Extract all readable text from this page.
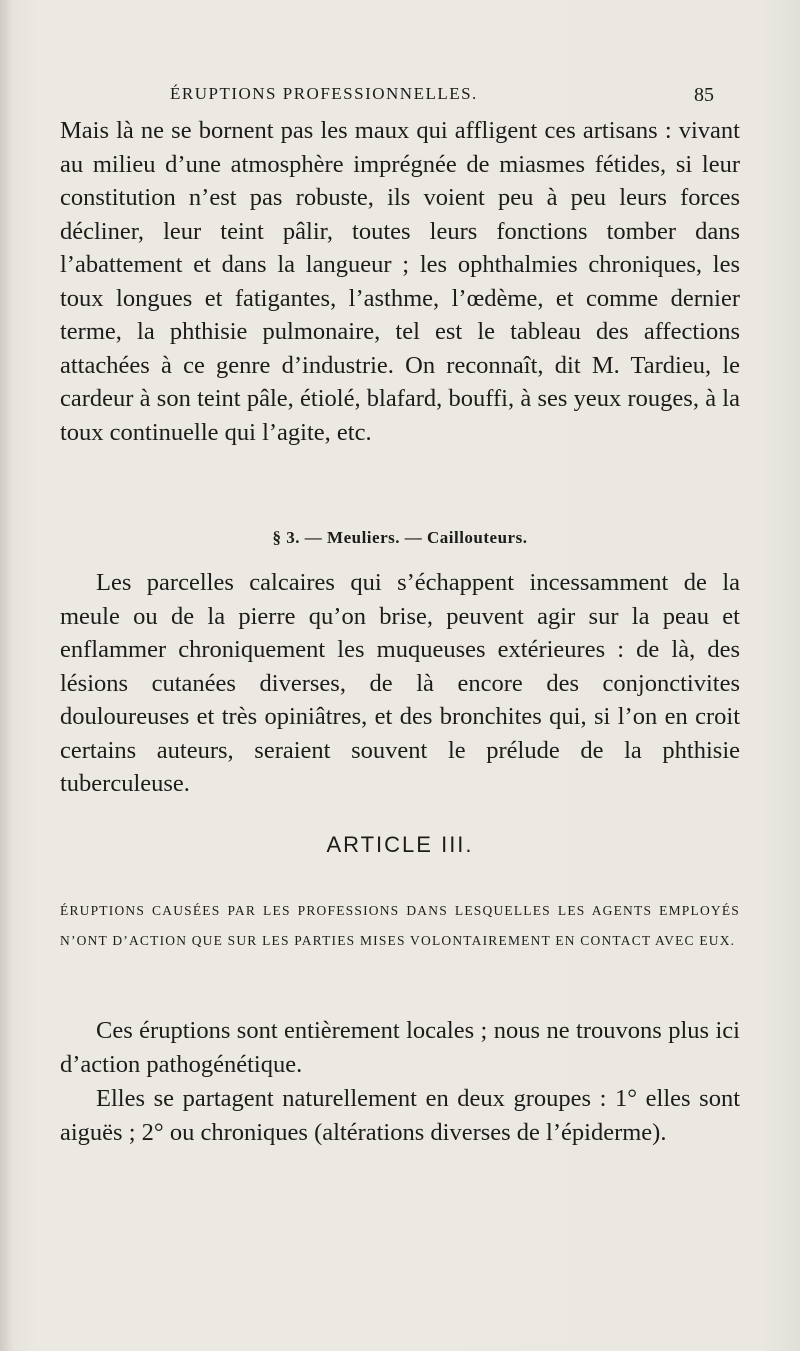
ÉRUPTIONS PROFESSIONNELLES.	85

Mais là ne se bornent pas les maux qui affligent ces artisans : vivant au milieu d’une atmosphère imprégnée de miasmes fétides, si leur constitution n’est pas robuste, ils voient peu à peu leurs forces décliner, leur teint pâlir, toutes leurs fonctions tomber dans l’abattement et dans la langueur ; les ophthalmies chroniques, les toux longues et fatigantes, l’asthme, l’œdème, et comme dernier terme, la phthisie pulmonaire, tel est le tableau des affections attachées à ce genre d’industrie. On reconnaît, dit M. Tardieu, le cardeur à son teint pâle, étiolé, blafard, bouffi, à ses yeux rouges, à la toux continuelle qui l’agite, etc.

§ 3. — Meuliers. — Caillouteurs.

Les parcelles calcaires qui s’échappent incessamment de la meule ou de la pierre qu’on brise, peuvent agir sur la peau et enflammer chroniquement les muqueuses extérieures : de là, des lésions cutanées diverses, de là encore des conjonctivites douloureuses et très opiniâtres, et des bronchites qui, si l’on en croit certains auteurs, seraient souvent le prélude de la phthisie tuberculeuse.

ARTICLE III.
ÉRUPTIONS CAUSÉES PAR LES PROFESSIONS DANS LESQUELLES LES AGENTS EMPLOYÉS N’ONT D’ACTION QUE SUR LES PARTIES MISES VOLONTAIREMENT EN CONTACT AVEC EUX.

Ces éruptions sont entièrement locales ; nous ne trouvons plus ici d’action pathogénétique.

Elles se partagent naturellement en deux groupes : 1° elles sont aiguës ; 2° ou chroniques (altérations diverses de l’épiderme).
